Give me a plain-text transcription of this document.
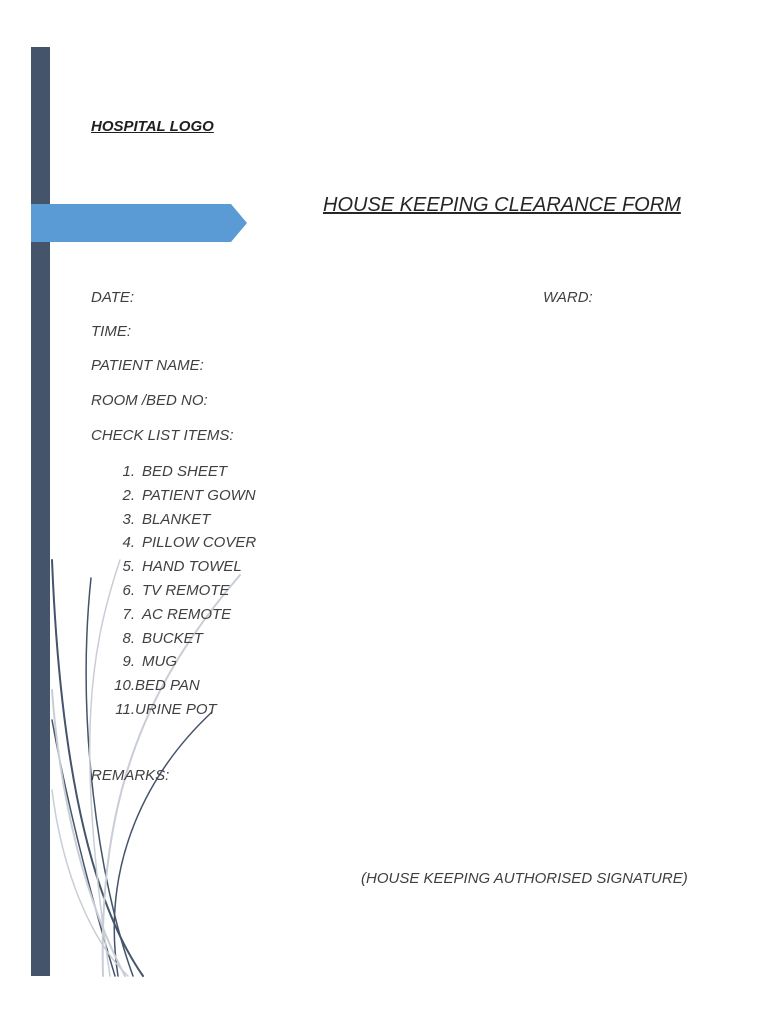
HOSPITAL LOGO
HOUSE KEEPING CLEARANCE FORM
DATE:	WARD:
TIME:
PATIENT NAME:
ROOM /BED NO:
CHECK LIST ITEMS:
1. BED SHEET
2. PATIENT GOWN
3. BLANKET
4. PILLOW COVER
5. HAND TOWEL
6. TV REMOTE
7. AC REMOTE
8. BUCKET
9. MUG
10.BED PAN
11.URINE POT
REMARKS:
(HOUSE KEEPING AUTHORISED SIGNATURE)
